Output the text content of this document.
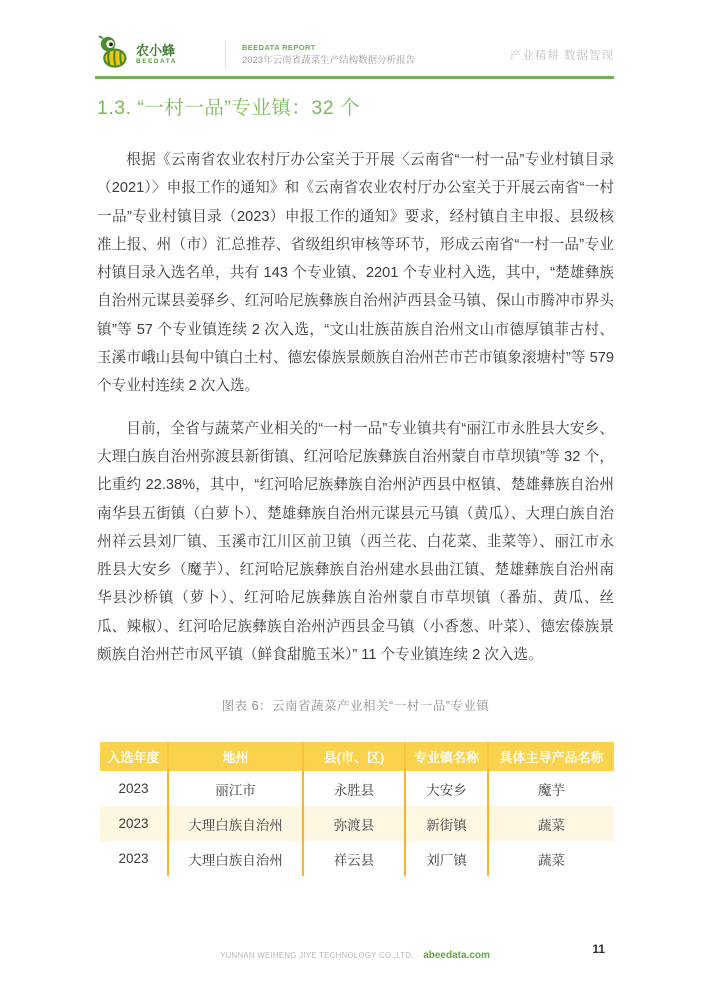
农小蜂
BEEDATA
BEEDATA REPORT
2023年云南省蔬菜生产结构数据分析报告	产业精耕 数据智现
1.3. “一村一品”专业镇：32 个

根据《云南省农业农村厅办公室关于开展〈云南省“一村一品”专业村镇目录（2021）〉申报工作的通知》和《云南省农业农村厅办公室关于开展云南省“一村一品”专业村镇目录（2023）申报工作的通知》要求，经村镇自主申报、县级核准上报、州（市）汇总推荐、省级组织审核等环节，形成云南省“一村一品”专业村镇目录入选名单，共有 143 个专业镇、2201 个专业村入选，其中，“楚雄彝族自治州元谋县姜驿乡、红河哈尼族彝族自治州泸西县金马镇、保山市腾冲市界头镇”等 57 个专业镇连续 2 次入选，“文山壮族苗族自治州文山市德厚镇菲古村、玉溪市峨山县甸中镇白土村、德宏傣族景颇族自治州芒市芒市镇象滚塘村”等 579 个专业村连续 2 次入选。

目前，全省与蔬菜产业相关的“一村一品”专业镇共有“丽江市永胜县大安乡、大理白族自治州弥渡县新街镇、红河哈尼族彝族自治州蒙自市草坝镇”等 32 个，比重约 22.38%，其中，“红河哈尼族彝族自治州泸西县中枢镇、楚雄彝族自治州南华县五街镇（白萝卜）、楚雄彝族自治州元谋县元马镇（黄瓜）、大理白族自治州祥云县刘厂镇、玉溪市江川区前卫镇（西兰花、白花菜、韭菜等）、丽江市永胜县大安乡（魔芋）、红河哈尼族彝族自治州建水县曲江镇、楚雄彝族自治州南华县沙桥镇（萝卜）、红河哈尼族彝族自治州蒙自市草坝镇（番茄、黄瓜、丝瓜、辣椒）、红河哈尼族彝族自治州泸西县金马镇（小香葱、叶菜）、德宏傣族景颇族自治州芒市风平镇（鲜食甜脆玉米）” 11 个专业镇连续 2 次入选。

图表 6：云南省蔬菜产业相关“一村一品”专业镇
入选年度	地州	县(市、区)	专业镇名称	具体主导产品名称
2023	丽江市	永胜县	大安乡	魔芋
2023	大理白族自治州	弥渡县	新街镇	蔬菜
2023	大理白族自治州	祥云县	刘厂镇	蔬菜
YUNNAN WEIHENG JIYE TECHNOLOGY CO.,LTD. abeedata.com	11
